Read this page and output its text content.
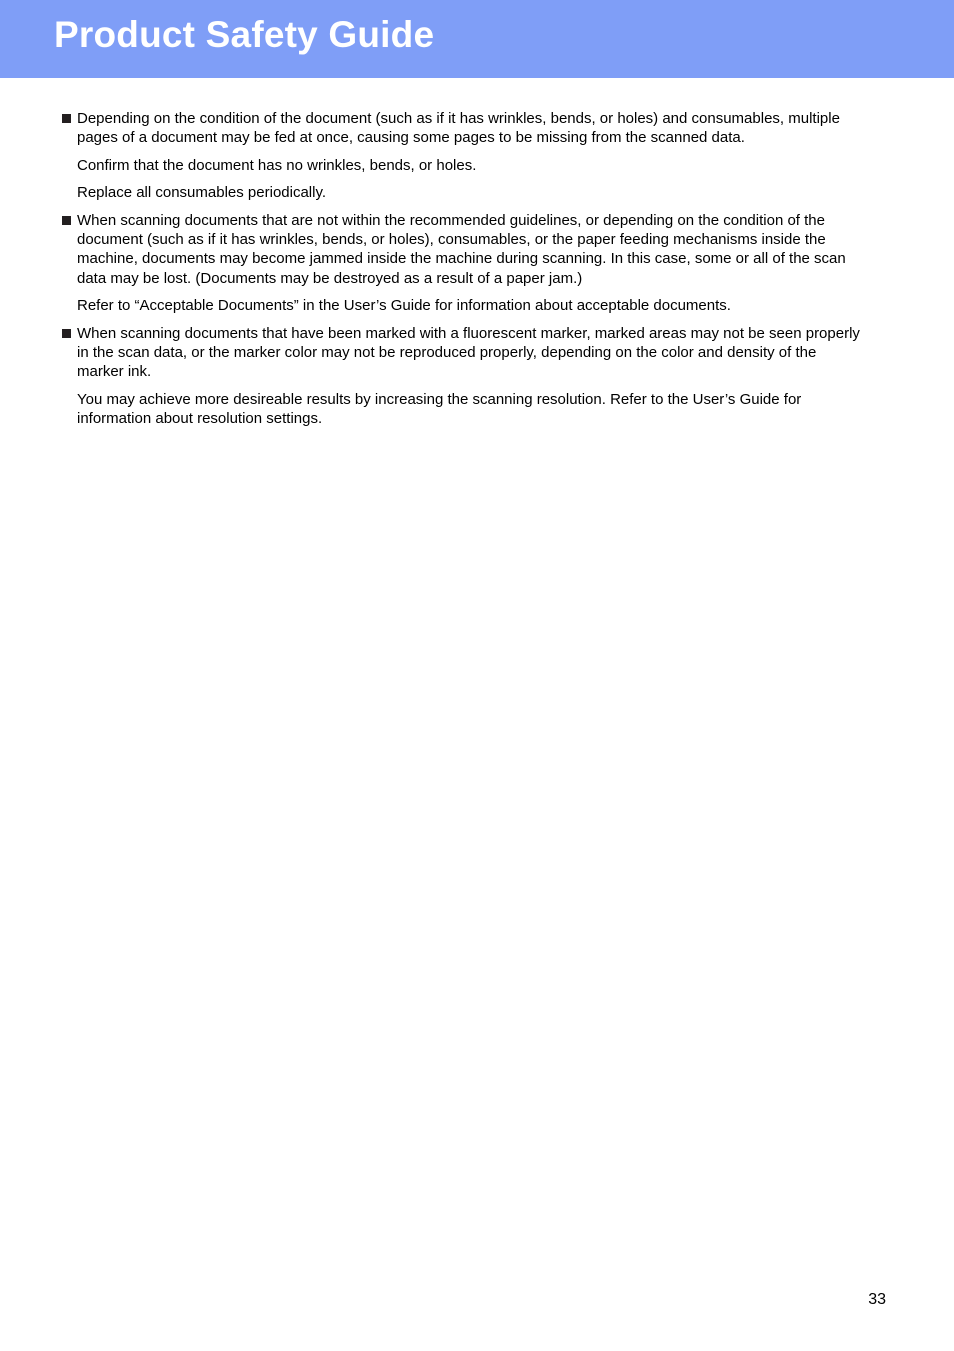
Product Safety Guide

Depending on the condition of the document (such as if it has wrinkles, bends, or holes) and consumables, multiple pages of a document may be fed at once, causing some pages to be missing from the scanned data.

Confirm that the document has no wrinkles, bends, or holes.

Replace all consumables periodically.

When scanning documents that are not within the recommended guidelines, or depending on the condition of the document (such as if it has wrinkles, bends, or holes), consumables, or the paper feeding mechanisms inside the machine, documents may become jammed inside the machine during scanning. In this case, some or all of the scan data may be lost. (Documents may be destroyed as a result of a paper jam.)

Refer to “Acceptable Documents” in the User’s Guide for information about acceptable documents.

When scanning documents that have been marked with a fluorescent marker, marked areas may not be seen properly in the scan data, or the marker color may not be reproduced properly, depending on the color and density of the marker ink.

You may achieve more desireable results by increasing the scanning resolution. Refer to the User’s Guide for information about resolution settings.

33
